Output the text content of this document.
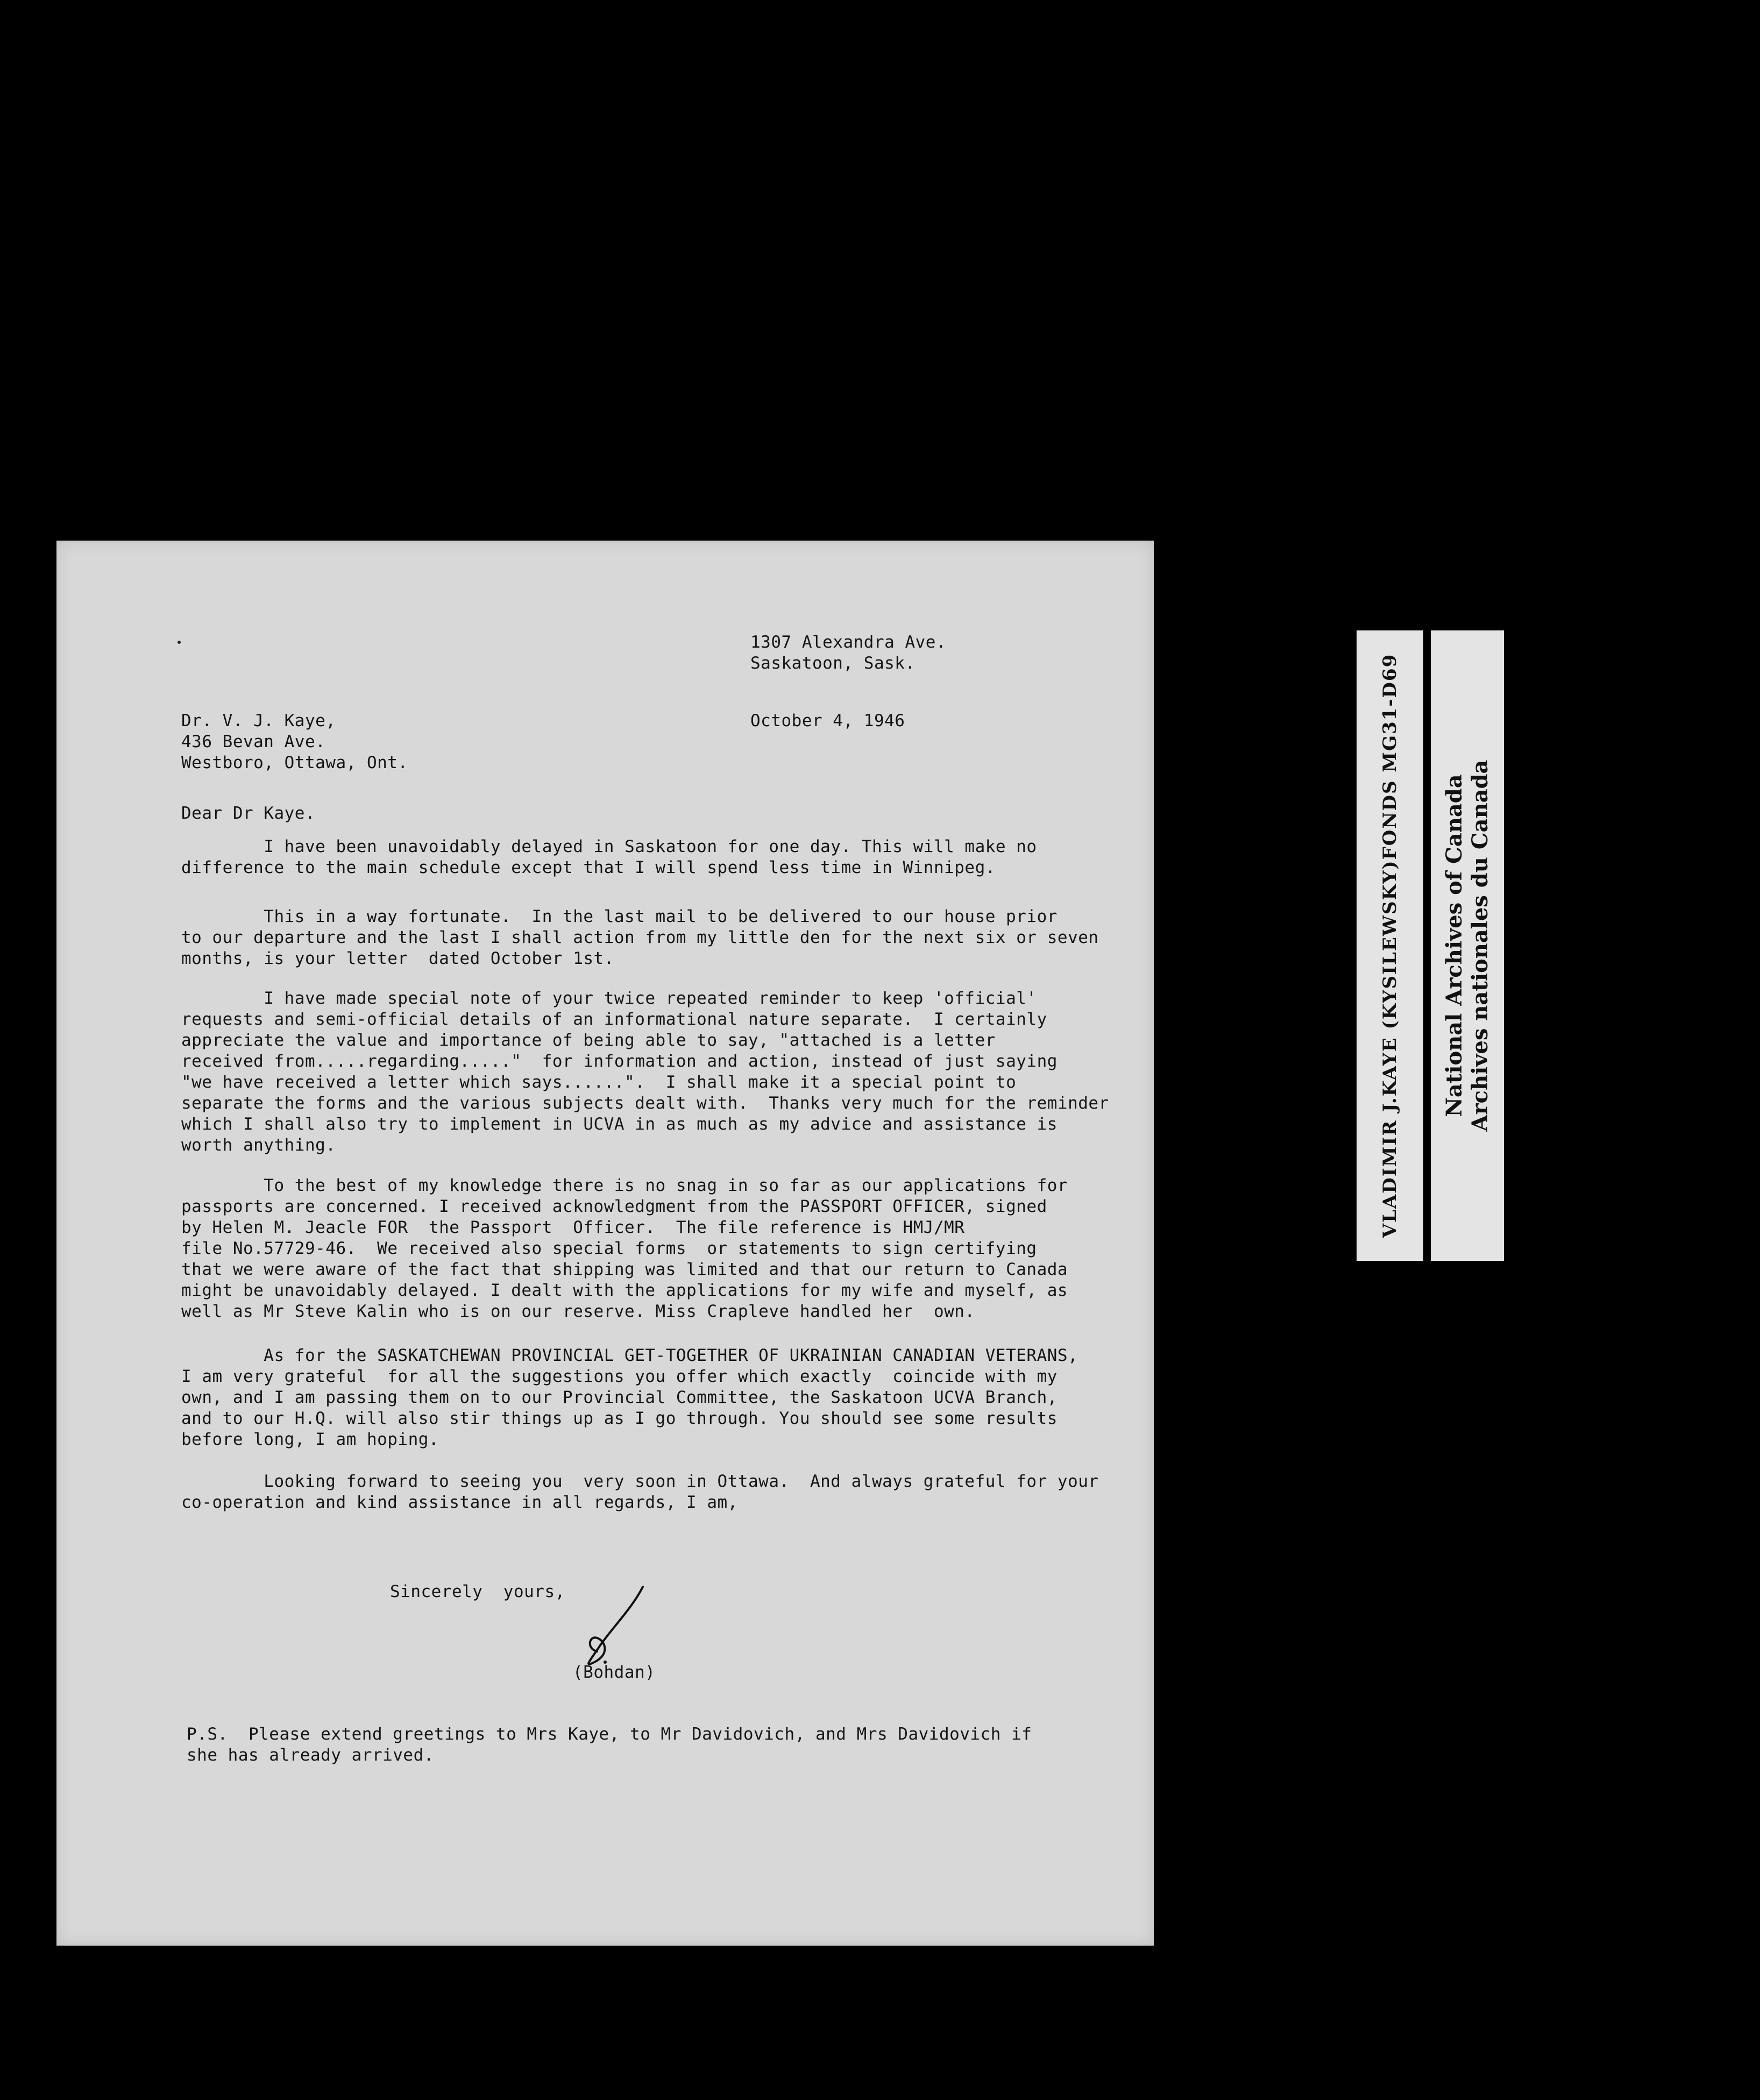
1307 Alexandra Ave.
Saskatoon, Sask.
Dr. V. J. Kaye,
436 Bevan Ave.
Westboro, Ottawa, Ont.
October 4, 1946
Dear Dr Kaye.
I have been unavoidably delayed in Saskatoon for one day. This will make no
difference to the main schedule except that I will spend less time in Winnipeg.
This in a way fortunate.  In the last mail to be delivered to our house prior
to our departure and the last I shall action from my little den for the next six or seven
months, is your letter  dated October 1st.
I have made special note of your twice repeated reminder to keep 'official'
requests and semi-official details of an informational nature separate.  I certainly
appreciate the value and importance of being able to say, "attached is a letter
received from.....regarding....."  for information and action, instead of just saying
"we have received a letter which says......".  I shall make it a special point to
separate the forms and the various subjects dealt with.  Thanks very much for the reminder
which I shall also try to implement in UCVA in as much as my advice and assistance is
worth anything.
To the best of my knowledge there is no snag in so far as our applications for
passports are concerned. I received acknowledgment from the PASSPORT OFFICER, signed
by Helen M. Jeacle FOR  the Passport  Officer.  The file reference is HMJ/MR
file No.57729-46.  We received also special forms  or statements to sign certifying
that we were aware of the fact that shipping was limited and that our return to Canada
might be unavoidably delayed. I dealt with the applications for my wife and myself, as
well as Mr Steve Kalin who is on our reserve. Miss Crapleve handled her  own.
As for the SASKATCHEWAN PROVINCIAL GET-TOGETHER OF UKRAINIAN CANADIAN VETERANS,
I am very grateful  for all the suggestions you offer which exactly  coincide with my
own, and I am passing them on to our Provincial Committee, the Saskatoon UCVA Branch,
and to our H.Q. will also stir things up as I go through. You should see some results
before long, I am hoping.
Looking forward to seeing you  very soon in Ottawa.  And always grateful for your
co-operation and kind assistance in all regards, I am,
Sincerely  yours,
(Bohdan)
P.S.  Please extend greetings to Mrs Kaye, to Mr Davidovich, and Mrs Davidovich if
she has already arrived.
VLADIMIR J.KAYE (KYSILEWSKY)FONDS MG31-D69 National Archives of Canada Archives nationales du Canada
